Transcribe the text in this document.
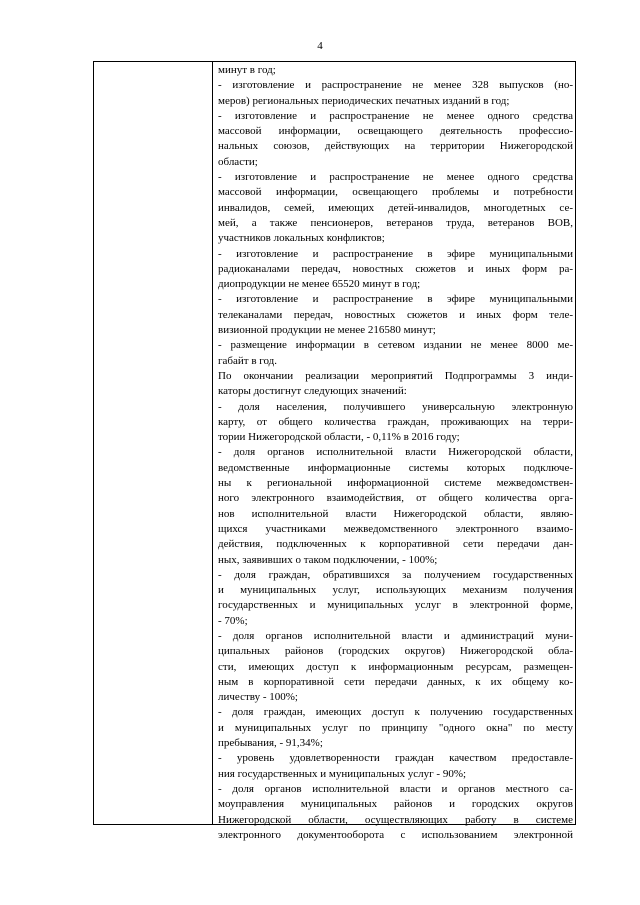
4
минут в год;
- изготовление и распространение не менее 328 выпусков (но-
меров) региональных периодических печатных изданий в год;
- изготовление и распространение не менее одного средства
массовой информации, освещающего деятельность профессио-
нальных союзов, действующих на территории Нижегородской
области;
- изготовление и распространение не менее одного средства
массовой информации, освещающего проблемы и потребности
инвалидов, семей, имеющих детей-инвалидов, многодетных се-
мей, а также пенсионеров, ветеранов труда, ветеранов ВОВ,
участников локальных конфликтов;
- изготовление и распространение в эфире муниципальными
радиоканалами передач, новостных сюжетов и иных форм ра-
диопродукции не менее 65520 минут в год;
- изготовление и распространение в эфире муниципальными
телеканалами передач, новостных сюжетов и иных форм теле-
визионной продукции не менее 216580 минут;
- размещение информации в сетевом издании не менее 8000 ме-
габайт в год.
По окончании реализации мероприятий Подпрограммы 3 инди-
каторы достигнут следующих значений:
- доля населения, получившего универсальную электронную
карту, от общего количества граждан, проживающих на терри-
тории Нижегородской области, - 0,11% в 2016 году;
- доля органов исполнительной власти Нижегородской области,
ведомственные информационные системы которых подключе-
ны к региональной информационной системе межведомствен-
ного электронного взаимодействия, от общего количества орга-
нов исполнительной власти Нижегородской области, являю-
щихся участниками межведомственного электронного взаимо-
действия, подключенных к корпоративной сети передачи дан-
ных, заявивших о таком подключении, - 100%;
- доля граждан, обратившихся за получением государственных
и муниципальных услуг, использующих механизм получения
государственных и муниципальных услуг в электронной форме,
- 70%;
- доля органов исполнительной власти и администраций муни-
ципальных районов (городских округов) Нижегородской обла-
сти, имеющих доступ к информационным ресурсам, размещен-
ным в корпоративной сети передачи данных, к их общему ко-
личеству - 100%;
- доля граждан, имеющих доступ к получению государственных
и муниципальных услуг по принципу "одного окна" по месту
пребывания, - 91,34%;
- уровень удовлетворенности граждан качеством предоставле-
ния государственных и муниципальных услуг - 90%;
- доля органов исполнительной власти и органов местного са-
моуправления муниципальных районов и городских округов
Нижегородской области, осуществляющих работу в системе
электронного документооборота с использованием электронной
